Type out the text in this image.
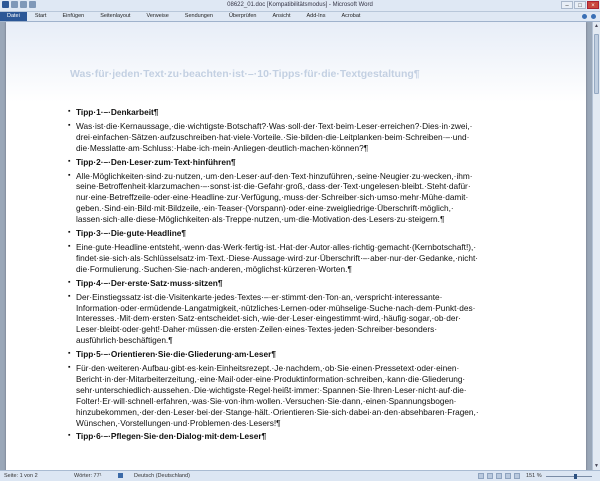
08622_01.doc [Kompatibilitätsmodus] - Microsoft Word	–	□	×
Datei	Start	Einfügen	Seitenlayout	Verweise	Sendungen	Überprüfen	Ansicht	Add-Ins	Acrobat
Was·für·jeden·Text·zu·beachten·ist·–·10·Tipps·für·die·Textgestaltung¶
▪ Tipp·1·–·Denkarbeit¶
▪ Was·ist·die·Kernaussage,·die·wichtigste·Botschaft?·Was·soll·der·Text·beim·Leser·erreichen?·Dies·in·zwei,·
drei·einfachen·Sätzen·aufzuschreiben·hat·viele·Vorteile.·Sie·bilden·die·Leitplanken·beim·Schreiben·–·und·
die·Messlatte·am·Schluss:·Habe·ich·mein·Anliegen·deutlich·machen·können?¶
▪ Tipp·2·–·Den·Leser·zum·Text·hinführen¶
▪ Alle·Möglichkeiten·sind·zu·nutzen,·um·den·Leser·auf·den·Text·hinzuführen,·seine·Neugier·zu·wecken,·ihm·
seine·Betroffenheit·klarzumachen·–·sonst·ist·die·Gefahr·groß,·dass·der·Text·ungelesen·bleibt.·Steht·dafür·
nur·eine·Betreffzeile·oder·eine·Headline·zur·Verfügung,·muss·der·Schreiber·sich·umso·mehr·Mühe·damit·
geben.·Sind·ein·Bild·mit·Bildzeile,·ein·Teaser·(Vorspann)·oder·eine·zweigliedrige·Überschrift·möglich,·
lassen·sich·alle·diese·Möglichkeiten·als·Treppe·nutzen,·um·die·Motivation·des·Lesers·zu·steigern.¶
▪ Tipp·3·–·Die·gute·Headline¶
▪ Eine·gute·Headline·entsteht,·wenn·das·Werk·fertig·ist.·Hat·der·Autor·alles·richtig·gemacht·(Kernbotschaft!),·
findet·sie·sich·als·Schlüsselsatz·im·Text.·Diese·Aussage·wird·zur·Überschrift·–·aber·nur·der·Gedanke,·nicht·
die·Formulierung.·Suchen·Sie·nach·anderen,·möglichst·kürzeren·Worten.¶
▪ Tipp·4·–·Der·erste·Satz·muss·sitzen¶
▪ Der·Einstiegssatz·ist·die·Visitenkarte·jedes·Textes·–·er·stimmt·den·Ton·an,·verspricht·interessante·
Information·oder·ermüdende·Langatmigkeit,·nützliches·Lernen·oder·mühselige·Suche·nach·dem·Punkt·des·
Interesses.·Mit·dem·ersten·Satz·entscheidet·sich,·wie·der·Leser·eingestimmt·wird,·häufig·sogar,·ob·der·
Leser·bleibt·oder·geht!·Daher·müssen·die·ersten·Zeilen·eines·Textes·jeden·Schreiber·besonders·
ausführlich·beschäftigen.¶
▪ Tipp·5·–·Orientieren·Sie·die·Gliederung·am·Leser¶
▪ Für·den·weiteren·Aufbau·gibt·es·kein·Einheitsrezept.·Je·nachdem,·ob·Sie·einen·Pressetext·oder·einen·
Bericht·in·der·Mitarbeiterzeitung,·eine·Mail·oder·eine·Produktinformation·schreiben,·kann·die·Gliederung·
sehr·unterschiedlich·aussehen.·Die·wichtigste·Regel·heißt·immer:·Spannen·Sie·Ihren·Leser·nicht·auf·die·
Folter!·Er·will·schnell·erfahren,·was·Sie·von·ihm·wollen.·Versuchen·Sie·dann,·einen·Spannungsbogen·
hinzubekommen,·der·den·Leser·bei·der·Stange·hält.·Orientieren·Sie·sich·dabei·an·den·absehbaren·Fragen,·
Wünschen,·Vorstellungen·und·Problemen·des·Lesers!¶
▪ Tipp·6·–·Pflegen·Sie·den·Dialog·mit·dem·Leser¶
▲
▼
Seite: 1 von 2	Wörter: 77¹	Deutsch (Deutschland)	151 %
